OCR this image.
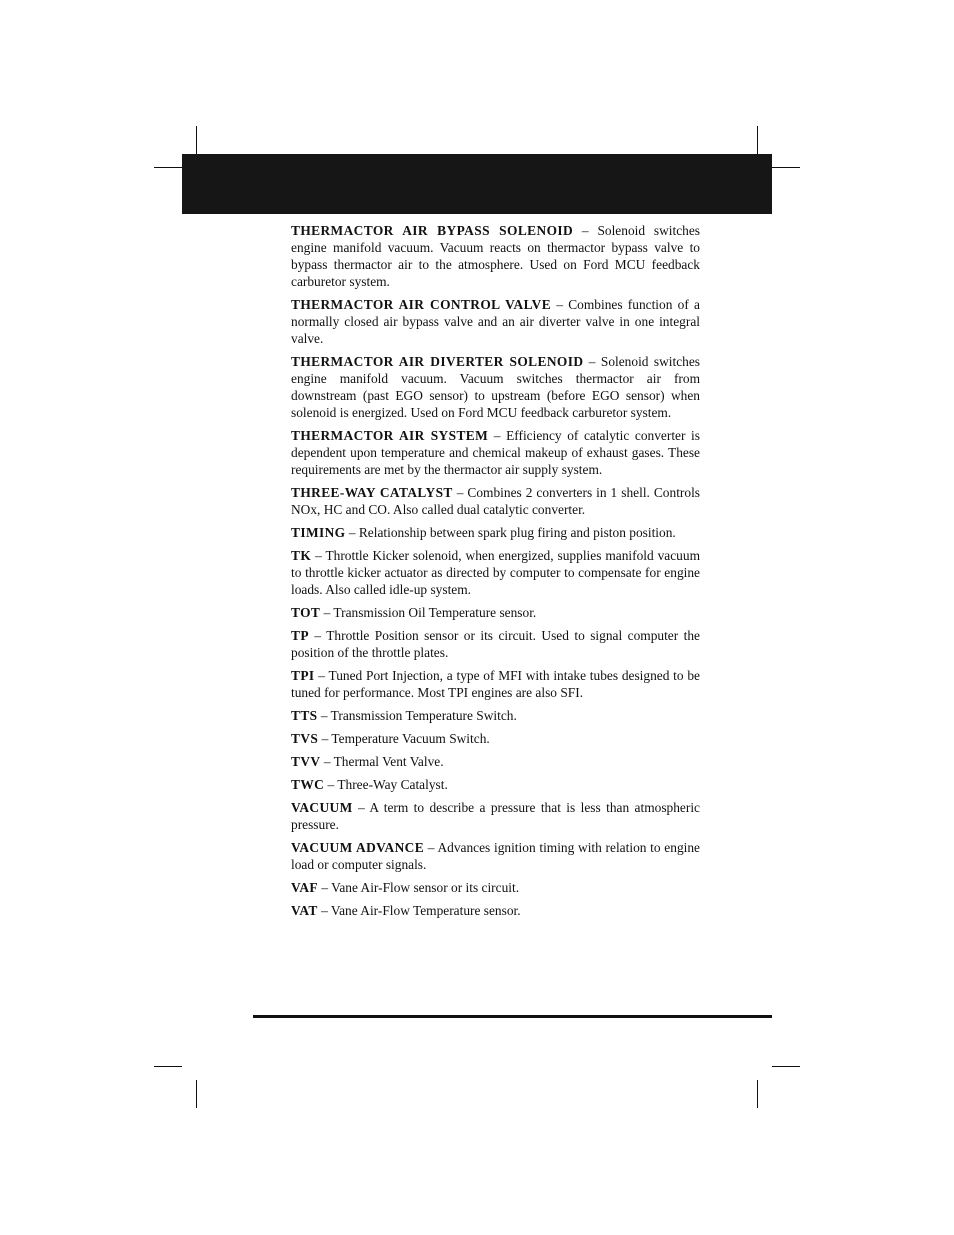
THERMACTOR AIR BYPASS SOLENOID – Solenoid switches engine manifold vacuum. Vacuum reacts on thermactor bypass valve to bypass thermactor air to the atmosphere. Used on Ford MCU feedback carburetor system.

THERMACTOR AIR CONTROL VALVE – Combines function of a normally closed air bypass valve and an air diverter valve in one integral valve.

THERMACTOR AIR DIVERTER SOLENOID – Solenoid switches engine manifold vacuum. Vacuum switches thermactor air from downstream (past EGO sensor) to upstream (before EGO sensor) when solenoid is energized. Used on Ford MCU feedback carburetor system.

THERMACTOR AIR SYSTEM – Efficiency of catalytic converter is dependent upon temperature and chemical makeup of exhaust gases. These requirements are met by the thermactor air supply system.

THREE-WAY CATALYST – Combines 2 converters in 1 shell. Controls NOx, HC and CO. Also called dual catalytic converter.

TIMING – Relationship between spark plug firing and piston position.

TK – Throttle Kicker solenoid, when energized, supplies manifold vacuum to throttle kicker actuator as directed by computer to compensate for engine loads. Also called idle-up system.

TOT – Transmission Oil Temperature sensor.

TP – Throttle Position sensor or its circuit. Used to signal computer the position of the throttle plates.

TPI – Tuned Port Injection, a type of MFI with intake tubes designed to be tuned for performance. Most TPI engines are also SFI.

TTS – Transmission Temperature Switch.

TVS – Temperature Vacuum Switch.

TVV – Thermal Vent Valve.

TWC – Three-Way Catalyst.

VACUUM – A term to describe a pressure that is less than atmospheric pressure.

VACUUM ADVANCE – Advances ignition timing with relation to engine load or computer signals.

VAF – Vane Air-Flow sensor or its circuit.

VAT – Vane Air-Flow Temperature sensor.
